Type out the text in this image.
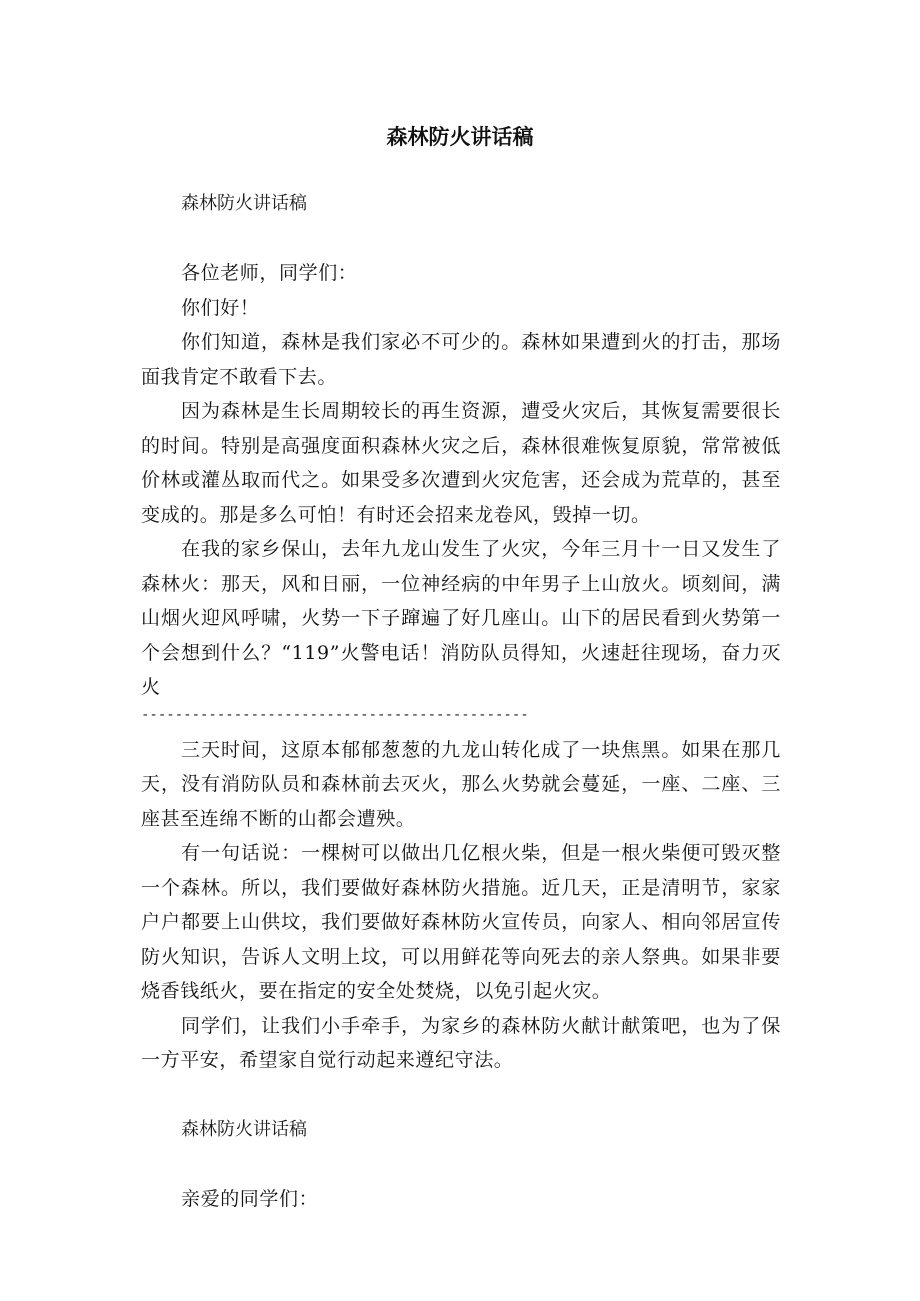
森林防火讲话稿

森林防火讲话稿

各位老师，同学们：

你们好！

你们知道，森林是我们家必不可少的。森林如果遭到火的打击，那场面我肯定不敢看下去。

因为森林是生长周期较长的再生资源，遭受火灾后，其恢复需要很长的时间。特别是高强度面积森林火灾之后，森林很难恢复原貌，常常被低价林或灌丛取而代之。如果受多次遭到火灾危害，还会成为荒草的，甚至变成的。那是多么可怕！有时还会招来龙卷风，毁掉一切。

在我的家乡保山，去年九龙山发生了火灾，今年三月十一日又发生了森林火：那天，风和日丽，一位神经病的中年男子上山放火。顷刻间，满山烟火迎风呼啸，火势一下子蹿遍了好几座山。山下的居民看到火势第一个会想到什么？“119”火警电话！消防队员得知，火速赶往现场，奋力灭火

----------------------------------------------

三天时间，这原本郁郁葱葱的九龙山转化成了一块焦黑。如果在那几天，没有消防队员和森林前去灭火，那么火势就会蔓延，一座、二座、三座甚至连绵不断的山都会遭殃。

有一句话说：一棵树可以做出几亿根火柴，但是一根火柴便可毁灭整一个森林。所以，我们要做好森林防火措施。近几天，正是清明节，家家户户都要上山供坟，我们要做好森林防火宣传员，向家人、相向邻居宣传防火知识，告诉人文明上坟，可以用鲜花等向死去的亲人祭典。如果非要烧香钱纸火，要在指定的安全处焚烧，以免引起火灾。

同学们，让我们小手牵手，为家乡的森林防火献计献策吧，也为了保一方平安，希望家自觉行动起来遵纪守法。

森林防火讲话稿

亲爱的同学们：
